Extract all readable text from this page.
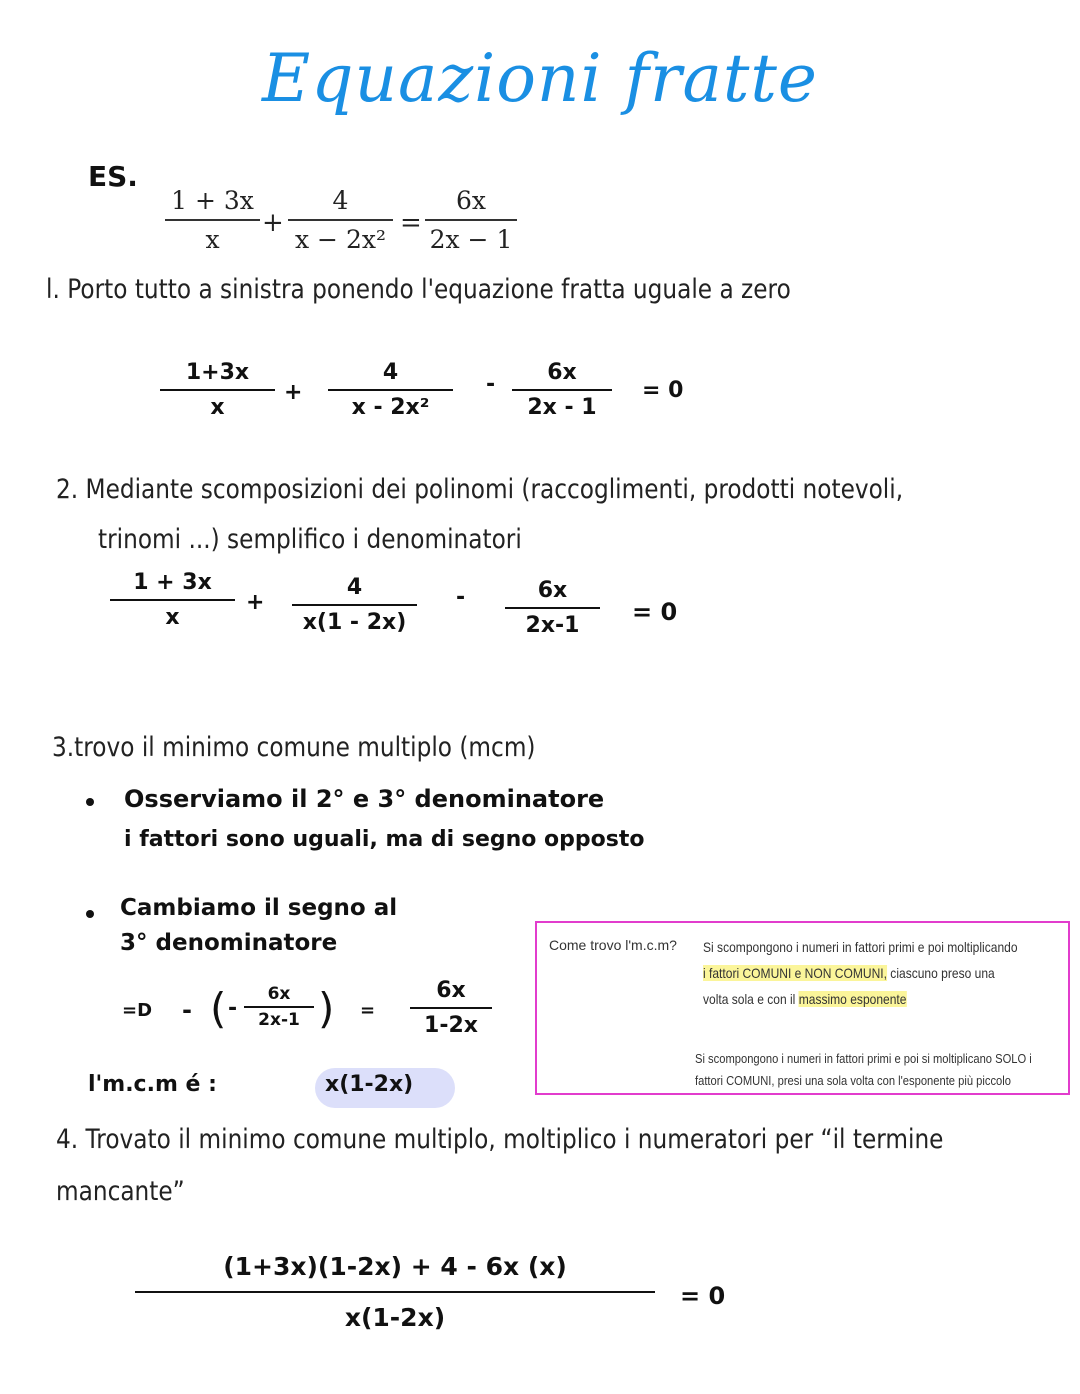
Equazioni fratte
ES.
1 + 3x
x
+
4
x − 2x²
=
6x
2x − 1
l. Porto tutto a sinistra ponendo l'equazione fratta uguale a zero
1+3x
x
+
4
x - 2x²
-	6x
2x - 1
= 0
2. Mediante scomposizioni dei polinomi (raccoglimenti, prodotti notevoli,
trinomi ...) semplifico i denominatori
1 + 3x
x
+
4
x(1 - 2x)
-	6x
2x-1	= 0
3.trovo il minimo comune multiplo (mcm)
Osserviamo il 2° e 3° denominatore
i fattori sono uguali, ma di segno opposto
Cambiamo il segno al
3° denominatore
=D - ( -
6x
2x-1 ) =
6x
1-2x
l'm.c.m é :	x(1-2x)
Come trovo l'm.c.m? Si scompongono i numeri in fattori primi e poi moltiplicando
i fattori COMUNI e NON COMUNI, ciascuno preso una
volta sola e con il massimo esponente
Si scompongono i numeri in fattori primi e poi si moltiplicano SOLO i
fattori COMUNI, presi una sola volta con l'esponente più piccolo
4. Trovato il minimo comune multiplo, moltiplico i numeratori per “il termine
mancante”
(1+3x)(1-2x) + 4 - 6x (x)
x(1-2x)
= 0
